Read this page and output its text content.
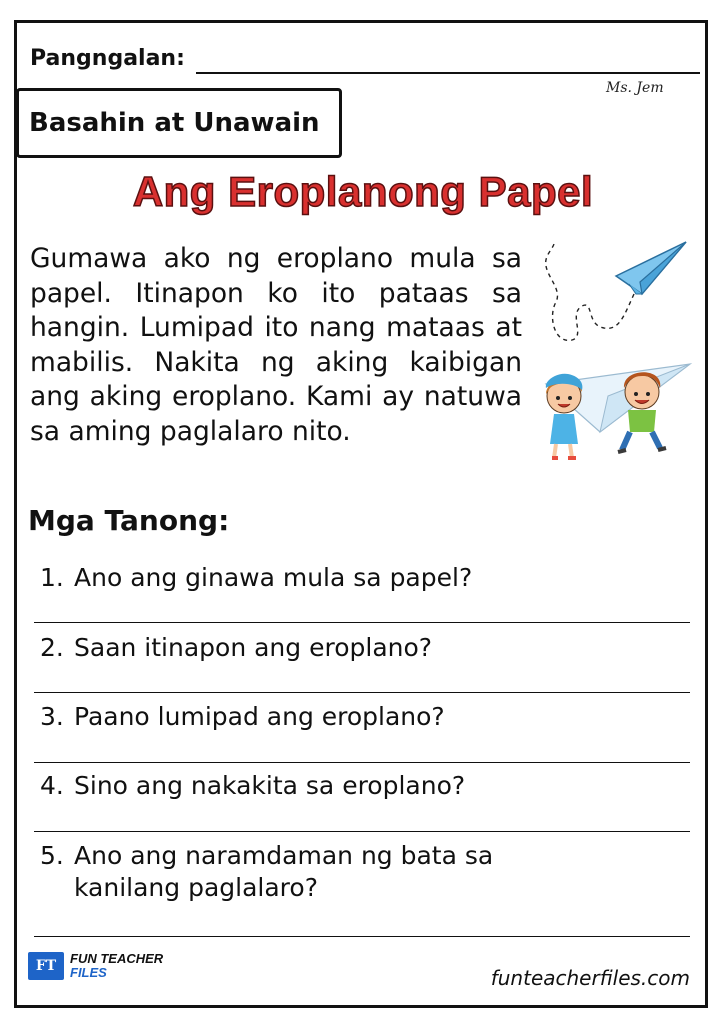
Pangngalan:
Ms. Jem
Basahin at Unawain
Ang Eroplanong Papel
Gumawa ako ng eroplano mula sa papel. Itinapon ko ito pataas sa hangin. Lumipad ito nang mataas at mabilis. Nakita ng aking kaibigan ang aking eroplano. Kami ay natuwa sa aming paglalaro nito.
Mga Tanong:
1. Ano ang ginawa mula sa papel?
2. Saan itinapon ang eroplano?
3. Paano lumipad ang eroplano?
4. Sino ang nakakita sa eroplano?
5. Ano ang naramdaman ng bata sa kanilang paglalaro?
FT	FUN TEACHER
FILES	funteacherfiles.com
